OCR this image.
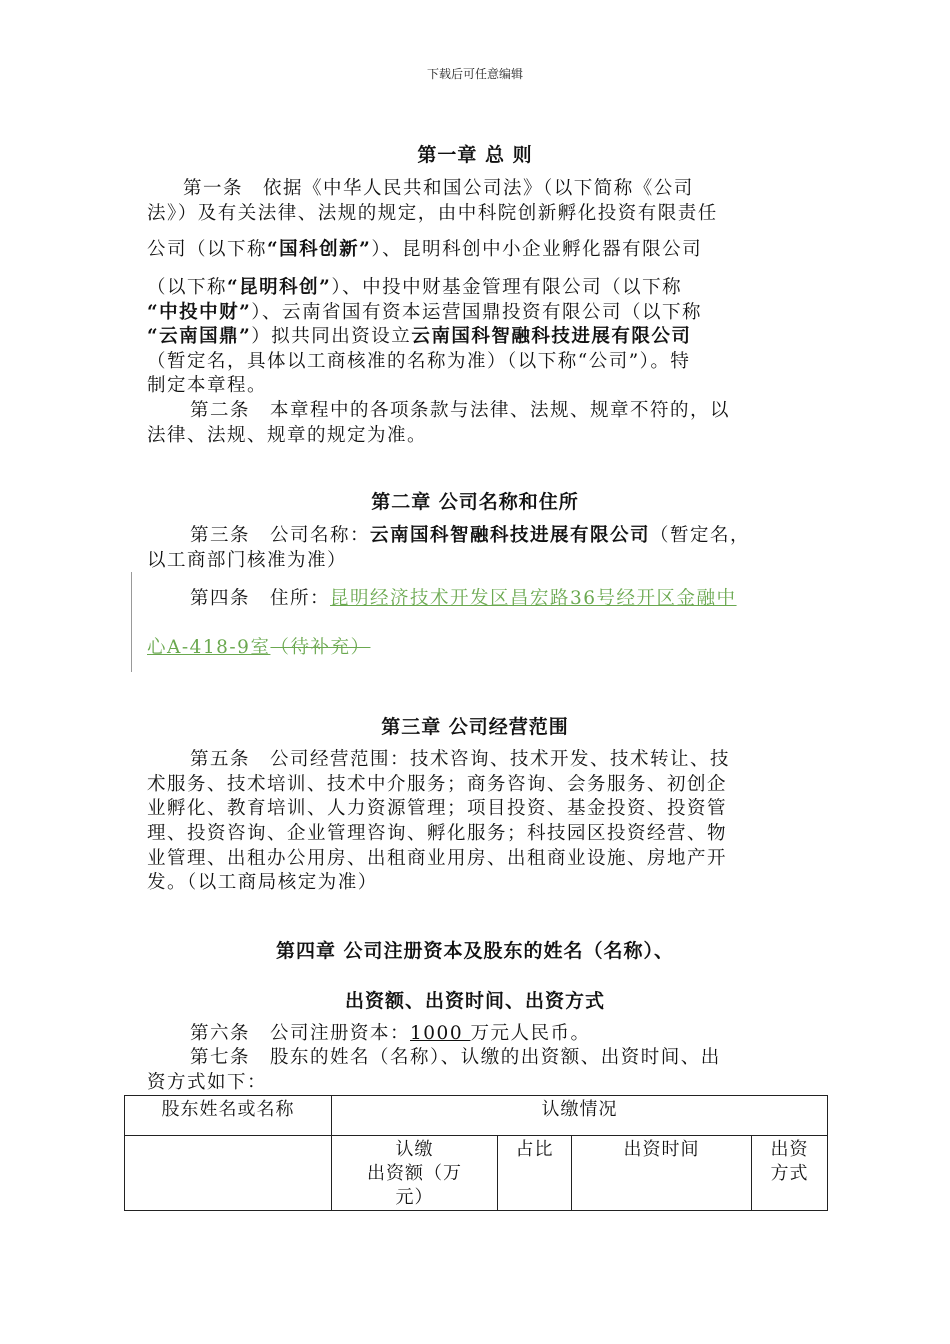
下载后可任意编辑
第一章 总 则
第一条　依据《中华人民共和国公司法》（以下简称《公司
法》）及有关法律、法规的规定，由中科院创新孵化投资有限责任
公司（以下称“国科创新”）、昆明科创中小企业孵化器有限公司
（以下称“昆明科创”）、中投中财基金管理有限公司（以下称
“中投中财”）、云南省国有资本运营国鼎投资有限公司（以下称
“云南国鼎”）拟共同出资设立云南国科智融科技进展有限公司
（暂定名，具体以工商核准的名称为准）（以下称“公司”）。特
制定本章程。
第二条　本章程中的各项条款与法律、法规、规章不符的，以
法律、法规、规章的规定为准。
第二章 公司名称和住所
第三条　公司名称：云南国科智融科技进展有限公司（暂定名，
以工商部门核准为准）
第四条　住所：昆明经济技术开发区昌宏路36号经开区金融中
心A-418-9室（待补充）
第三章 公司经营范围
第五条　公司经营范围：技术咨询、技术开发、技术转让、技
术服务、技术培训、技术中介服务；商务咨询、会务服务、初创企
业孵化、教育培训、人力资源管理；项目投资、基金投资、投资管
理、投资咨询、企业管理咨询、孵化服务；科技园区投资经营、物
业管理、出租办公用房、出租商业用房、出租商业设施、房地产开
发。（以工商局核定为准）
第四章 公司注册资本及股东的姓名（名称）、
出资额、出资时间、出资方式
第六条　公司注册资本：1000 万元人民币。
第七条　股东的姓名（名称）、认缴的出资额、出资时间、出
资方式如下：
股东姓名或名称	认缴情况			
	认缴
出资额（万
元）	占比	出资时间	出资
方式
